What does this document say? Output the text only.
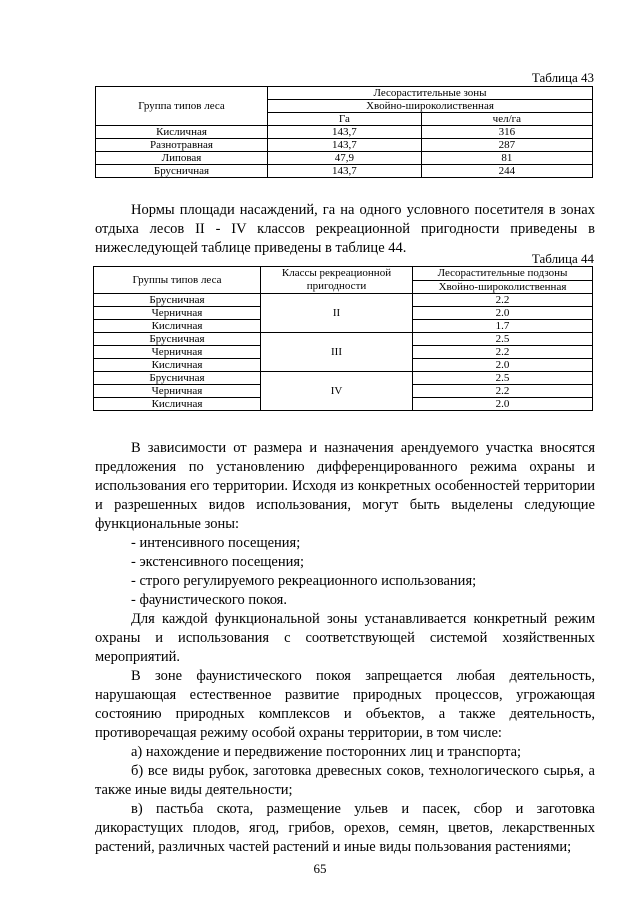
Таблица 43
Группа типов леса	Лесорастительные зоны	
	Хвойно-широколиственная	
	Га	чел/га
Кисличная	143,7	316
Разнотравная	143,7	287
Липовая	47,9	81
Брусничная	143,7	244

Нормы площади насаждений, га на одного условного посетителя в зонах отдыха лесов II - IV классов рекреационной пригодности приведены в нижеследующей таблице приведены в таблице 44.

Таблица 44
Группы типов леса	Классы рекреационной пригодности	Лесорастительные подзоны
		Хвойно-широколиственная
Брусничная	II	2.2
Черничная		2.0
Кисличная		1.7
Брусничная	III	2.5
Черничная		2.2
Кисличная		2.0
Брусничная	IV	2.5
Черничная		2.2
Кисличная		2.0

В зависимости от размера и назначения арендуемого участка вносятся предложения по установлению дифференцированного режима охраны и использования его территории. Исходя из конкретных особенностей территории и разрешенных видов использования, могут быть выделены следующие функциональные зоны:

- интенсивного посещения;

- экстенсивного посещения;

- строго регулируемого рекреационного использования;

- фаунистического покоя.

Для каждой функциональной зоны устанавливается конкретный режим охраны и использования с соответствующей системой хозяйственных мероприятий.

В зоне фаунистического покоя запрещается любая деятельность, нарушающая естественное развитие природных процессов, угрожающая состоянию природных комплексов и объектов, а также деятельность, противоречащая режиму особой охраны территории, в том числе:

а) нахождение и передвижение посторонних лиц и транспорта;

б) все виды рубок, заготовка древесных соков, технологического сырья, а также иные виды деятельности;

в) пастьба скота, размещение ульев и пасек, сбор и заготовка дикорастущих плодов, ягод, грибов, орехов, семян, цветов, лекарственных растений, различных частей растений и иные виды пользования растениями;

65
